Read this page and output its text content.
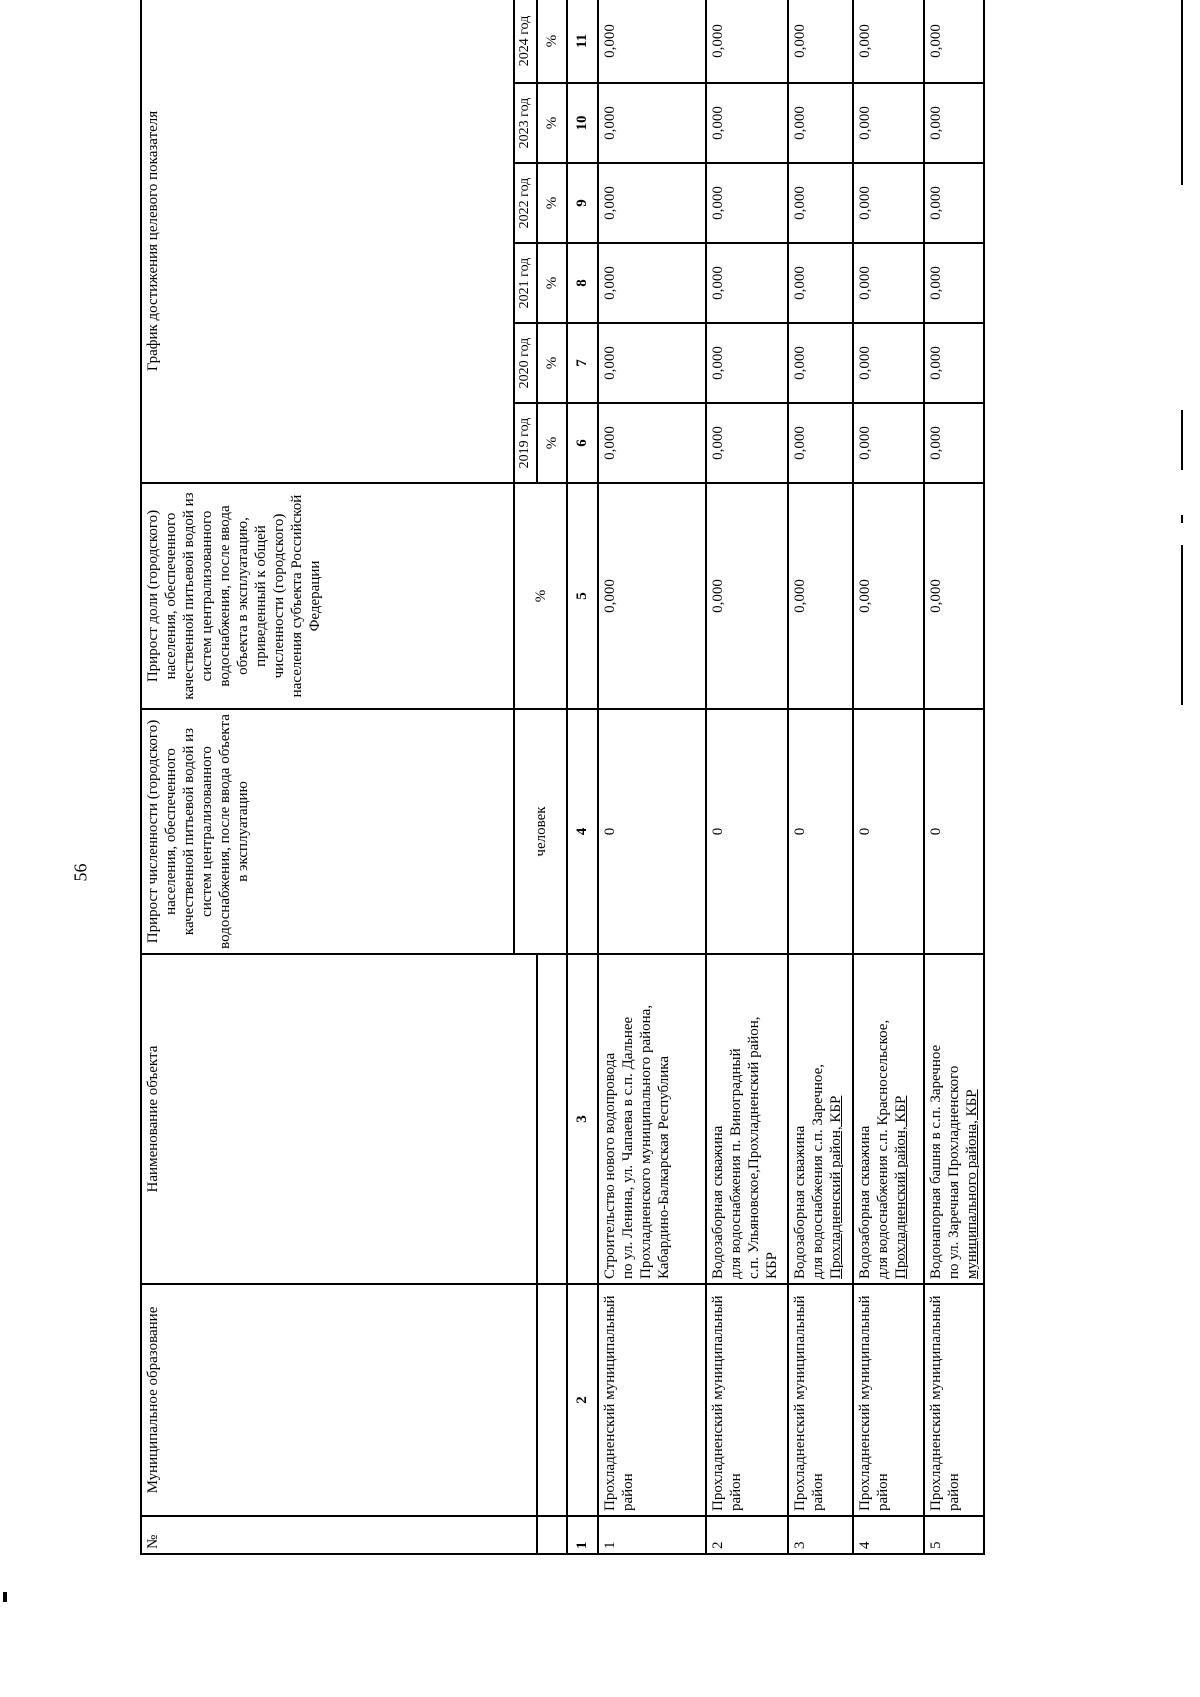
56
№	Муниципальное образование	Наименование объекта	Прирост численности (городского) населения, обеспеченного качественной питьевой водой из систем централизованного водоснабжения, после ввода объекта в эксплуатацию	Прирост доли (городского) населения, обеспеченного качественной питьевой водой из систем централизованного водоснабжения, после ввода объекта в эксплуатацию, приведенный к общей численности (городского) населения субъекта Российской Федерации	График достижения целевого показателя					
			человек	%	2019 год	2020 год	2021 год	2022 год	2023 год	2024 год
					%	%	%	%	%	%
1	2	3	4	5	6	7	8	9	10	11
1	Прохладненский муниципальный район	Строительство нового водопровода по ул. Ленина, ул. Чапаева в с.п. Дальнее Прохладненского муниципального района, Кабардино-Балкарская Республика	0	0,000	0,000	0,000	0,000	0,000	0,000	0,000
2	Прохладненский муниципальный район	Водозаборная скважина для водоснабжения п. Виноградный с.п. Ульяновское,Прохладненский район, КБР	0	0,000	0,000	0,000	0,000	0,000	0,000	0,000
3	Прохладненский муниципальный район	Водозаборная скважина для водоснабжения с.п. Заречное, Прохладненский район, КБР	0	0,000	0,000	0,000	0,000	0,000	0,000	0,000
4	Прохладненский муниципальный район	Водозаборная скважина для водоснабжения с.п. Красносельское, Прохладненский район, КБР	0	0,000	0,000	0,000	0,000	0,000	0,000	0,000
5	Прохладненский муниципальный район	Водонапорная башня в с.п. Заречное по ул. Заречная Прохладненского муниципального района, КБР	0	0,000	0,000	0,000	0,000	0,000	0,000	0,000
